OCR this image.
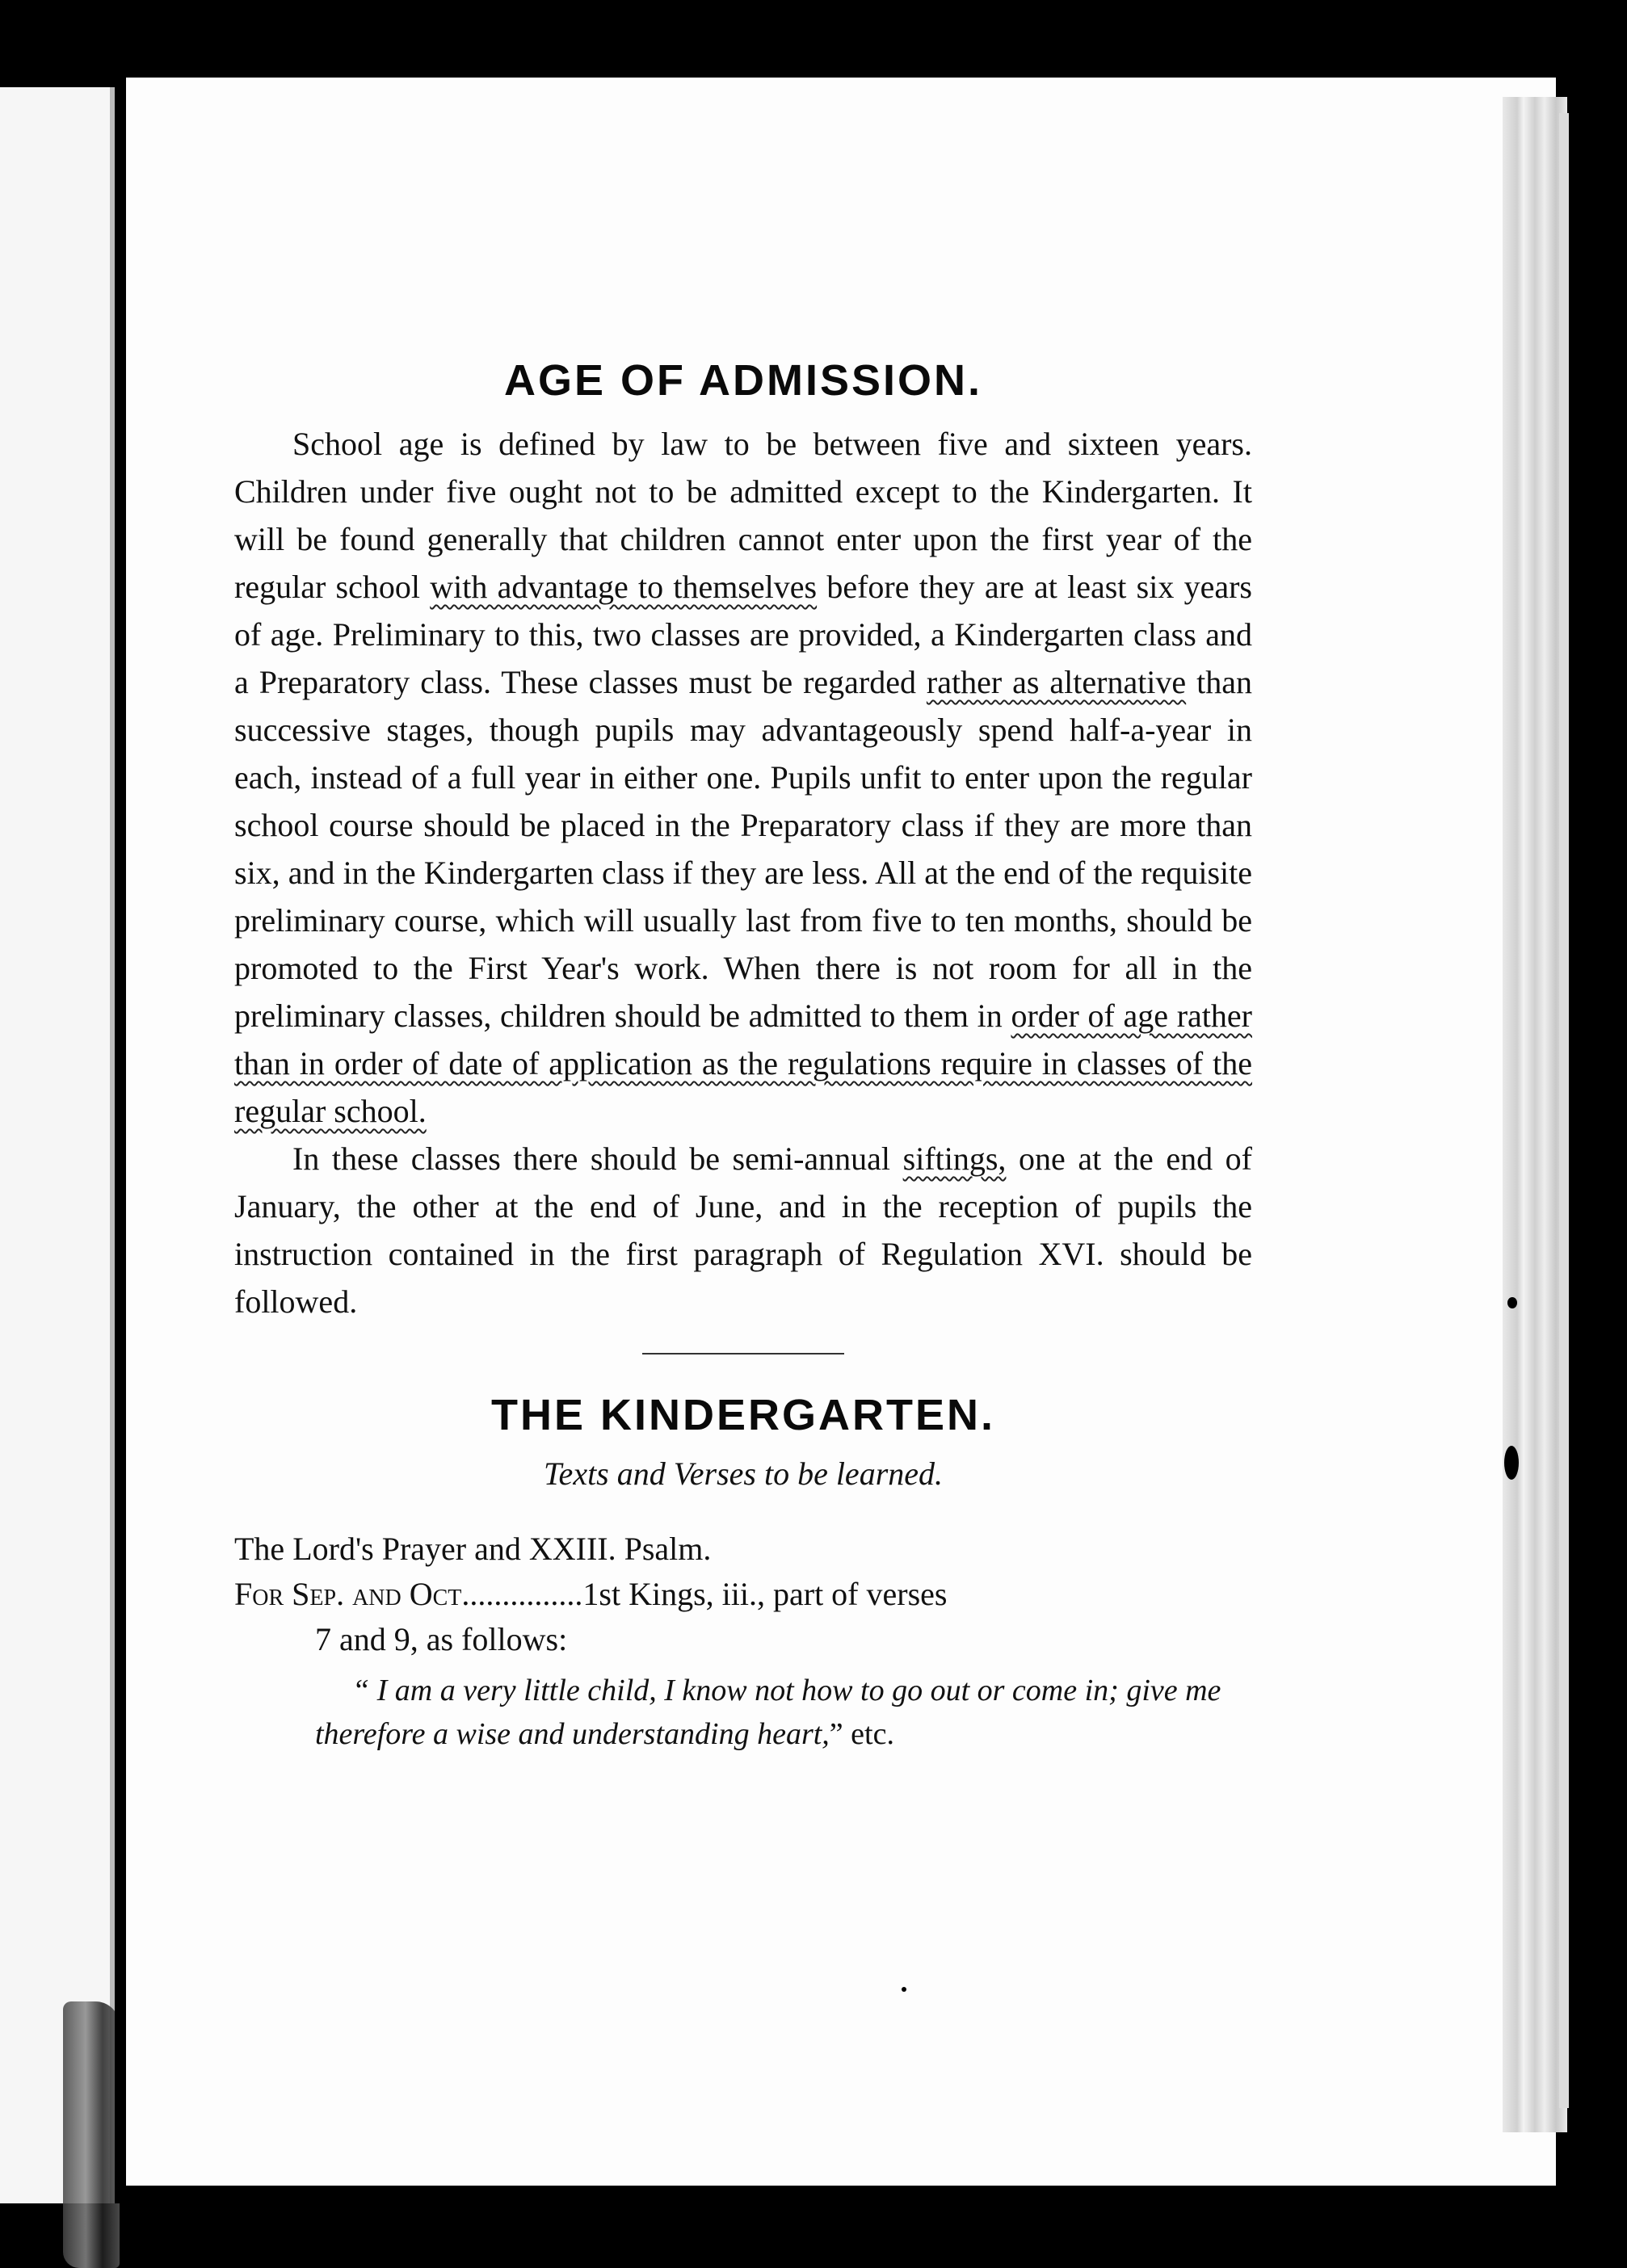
AGE OF ADMISSION.

School age is defined by law to be between five and sixteen years. Children under five ought not to be admitted except to the Kindergarten. It will be found generally that children cannot enter upon the first year of the regular school with advantage to themselves before they are at least six years of age. Preliminary to this, two classes are provided, a Kindergarten class and a Preparatory class. These classes must be regarded rather as alternative than successive stages, though pupils may advantageously spend half-a-year in each, instead of a full year in either one. Pupils unfit to enter upon the regular school course should be placed in the Preparatory class if they are more than six, and in the Kindergarten class if they are less. All at the end of the requisite preliminary course, which will usually last from five to ten months, should be promoted to the First Year's work. When there is not room for all in the preliminary classes, children should be admitted to them in order of age rather than in order of date of application as the regulations require in classes of the regular school.

In these classes there should be semi-annual siftings, one at the end of January, the other at the end of June, and in the reception of pupils the instruction contained in the first paragraph of Regulation XVI. should be followed.

THE KINDERGARTEN.
Texts and Verses to be learned.

The Lord's Prayer and XXIII. Psalm.

For Sep. and Oct...............1st Kings, iii., part of verses

7 and 9, as follows:

“ I am a very little child, I know not how to go out or come in; give me therefore a wise and understanding heart,” etc.
